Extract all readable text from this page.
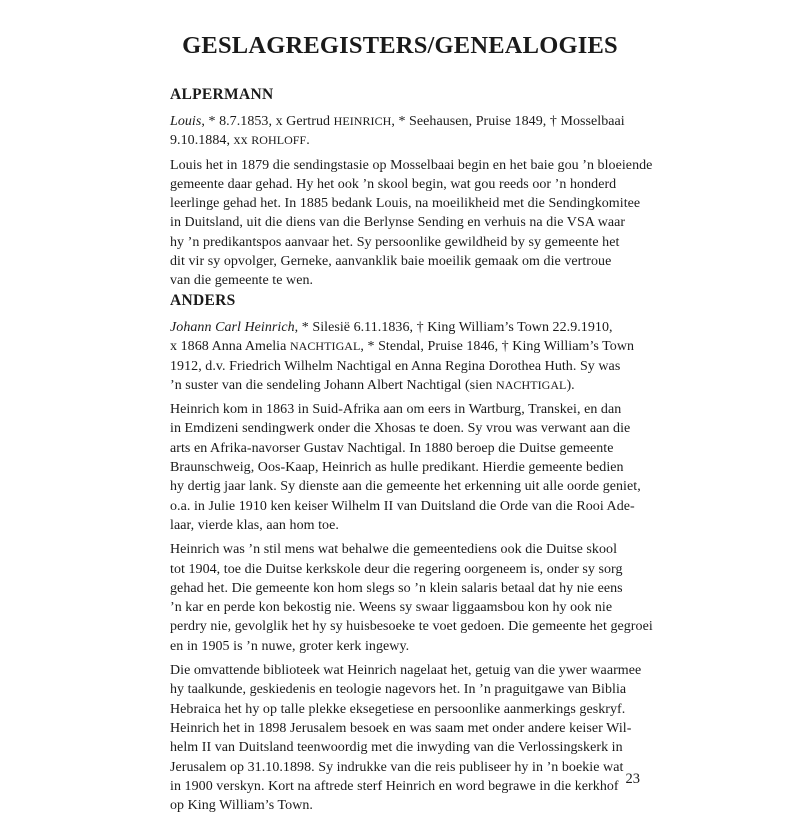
GESLAGREGISTERS/GENEALOGIES
ALPERMANN

Louis, * 8.7.1853, x Gertrud HEINRICH, * Seehausen, Pruise 1849, † Mosselbaai
9.10.1884, xx ROHLOFF.

Louis het in 1879 die sendingstasie op Mosselbaai begin en het baie gou ’n bloeiende
gemeente daar gehad. Hy het ook ’n skool begin, wat gou reeds oor ’n honderd
leerlinge gehad het. In 1885 bedank Louis, na moeilikheid met die Sendingkomitee
in Duitsland, uit die diens van die Berlynse Sending en verhuis na die VSA waar
hy ’n predikantspos aanvaar het. Sy persoonlike gewildheid by sy gemeente het
dit vir sy opvolger, Gerneke, aanvanklik baie moeilik gemaak om die vertroue
van die gemeente te wen.

ANDERS

Johann Carl Heinrich, * Silesië 6.11.1836, † King William’s Town 22.9.1910,
x 1868 Anna Amelia NACHTIGAL, * Stendal, Pruise 1846, † King William’s Town
1912, d.v. Friedrich Wilhelm Nachtigal en Anna Regina Dorothea Huth. Sy was
’n suster van die sendeling Johann Albert Nachtigal (sien NACHTIGAL).

Heinrich kom in 1863 in Suid-Afrika aan om eers in Wartburg, Transkei, en dan
in Emdizeni sendingwerk onder die Xhosas te doen. Sy vrou was verwant aan die
arts en Afrika-navorser Gustav Nachtigal. In 1880 beroep die Duitse gemeente
Braunschweig, Oos-Kaap, Heinrich as hulle predikant. Hierdie gemeente bedien
hy dertig jaar lank. Sy dienste aan die gemeente het erkenning uit alle oorde geniet,
o.a. in Julie 1910 ken keiser Wilhelm II van Duitsland die Orde van die Rooi Ade-
laar, vierde klas, aan hom toe.

Heinrich was ’n stil mens wat behalwe die gemeentediens ook die Duitse skool
tot 1904, toe die Duitse kerkskole deur die regering oorgeneem is, onder sy sorg
gehad het. Die gemeente kon hom slegs so ’n klein salaris betaal dat hy nie eens
’n kar en perde kon bekostig nie. Weens sy swaar liggaamsbou kon hy ook nie
perdry nie, gevolglik het hy sy huisbesoeke te voet gedoen. Die gemeente het gegroei
en in 1905 is ’n nuwe, groter kerk ingewy.

Die omvattende biblioteek wat Heinrich nagelaat het, getuig van die ywer waarmee
hy taalkunde, geskiedenis en teologie nagevors het. In ’n praguitgawe van Biblia
Hebraica het hy op talle plekke eksegetiese en persoonlike aanmerkings geskryf.
Heinrich het in 1898 Jerusalem besoek en was saam met onder andere keiser Wil-
helm II van Duitsland teenwoordig met die inwyding van die Verlossingskerk in
Jerusalem op 31.10.1898. Sy indrukke van die reis publiseer hy in ’n boekie wat
in 1900 verskyn. Kort na aftrede sterf Heinrich en word begrawe in die kerkhof
op King William’s Town.

23
